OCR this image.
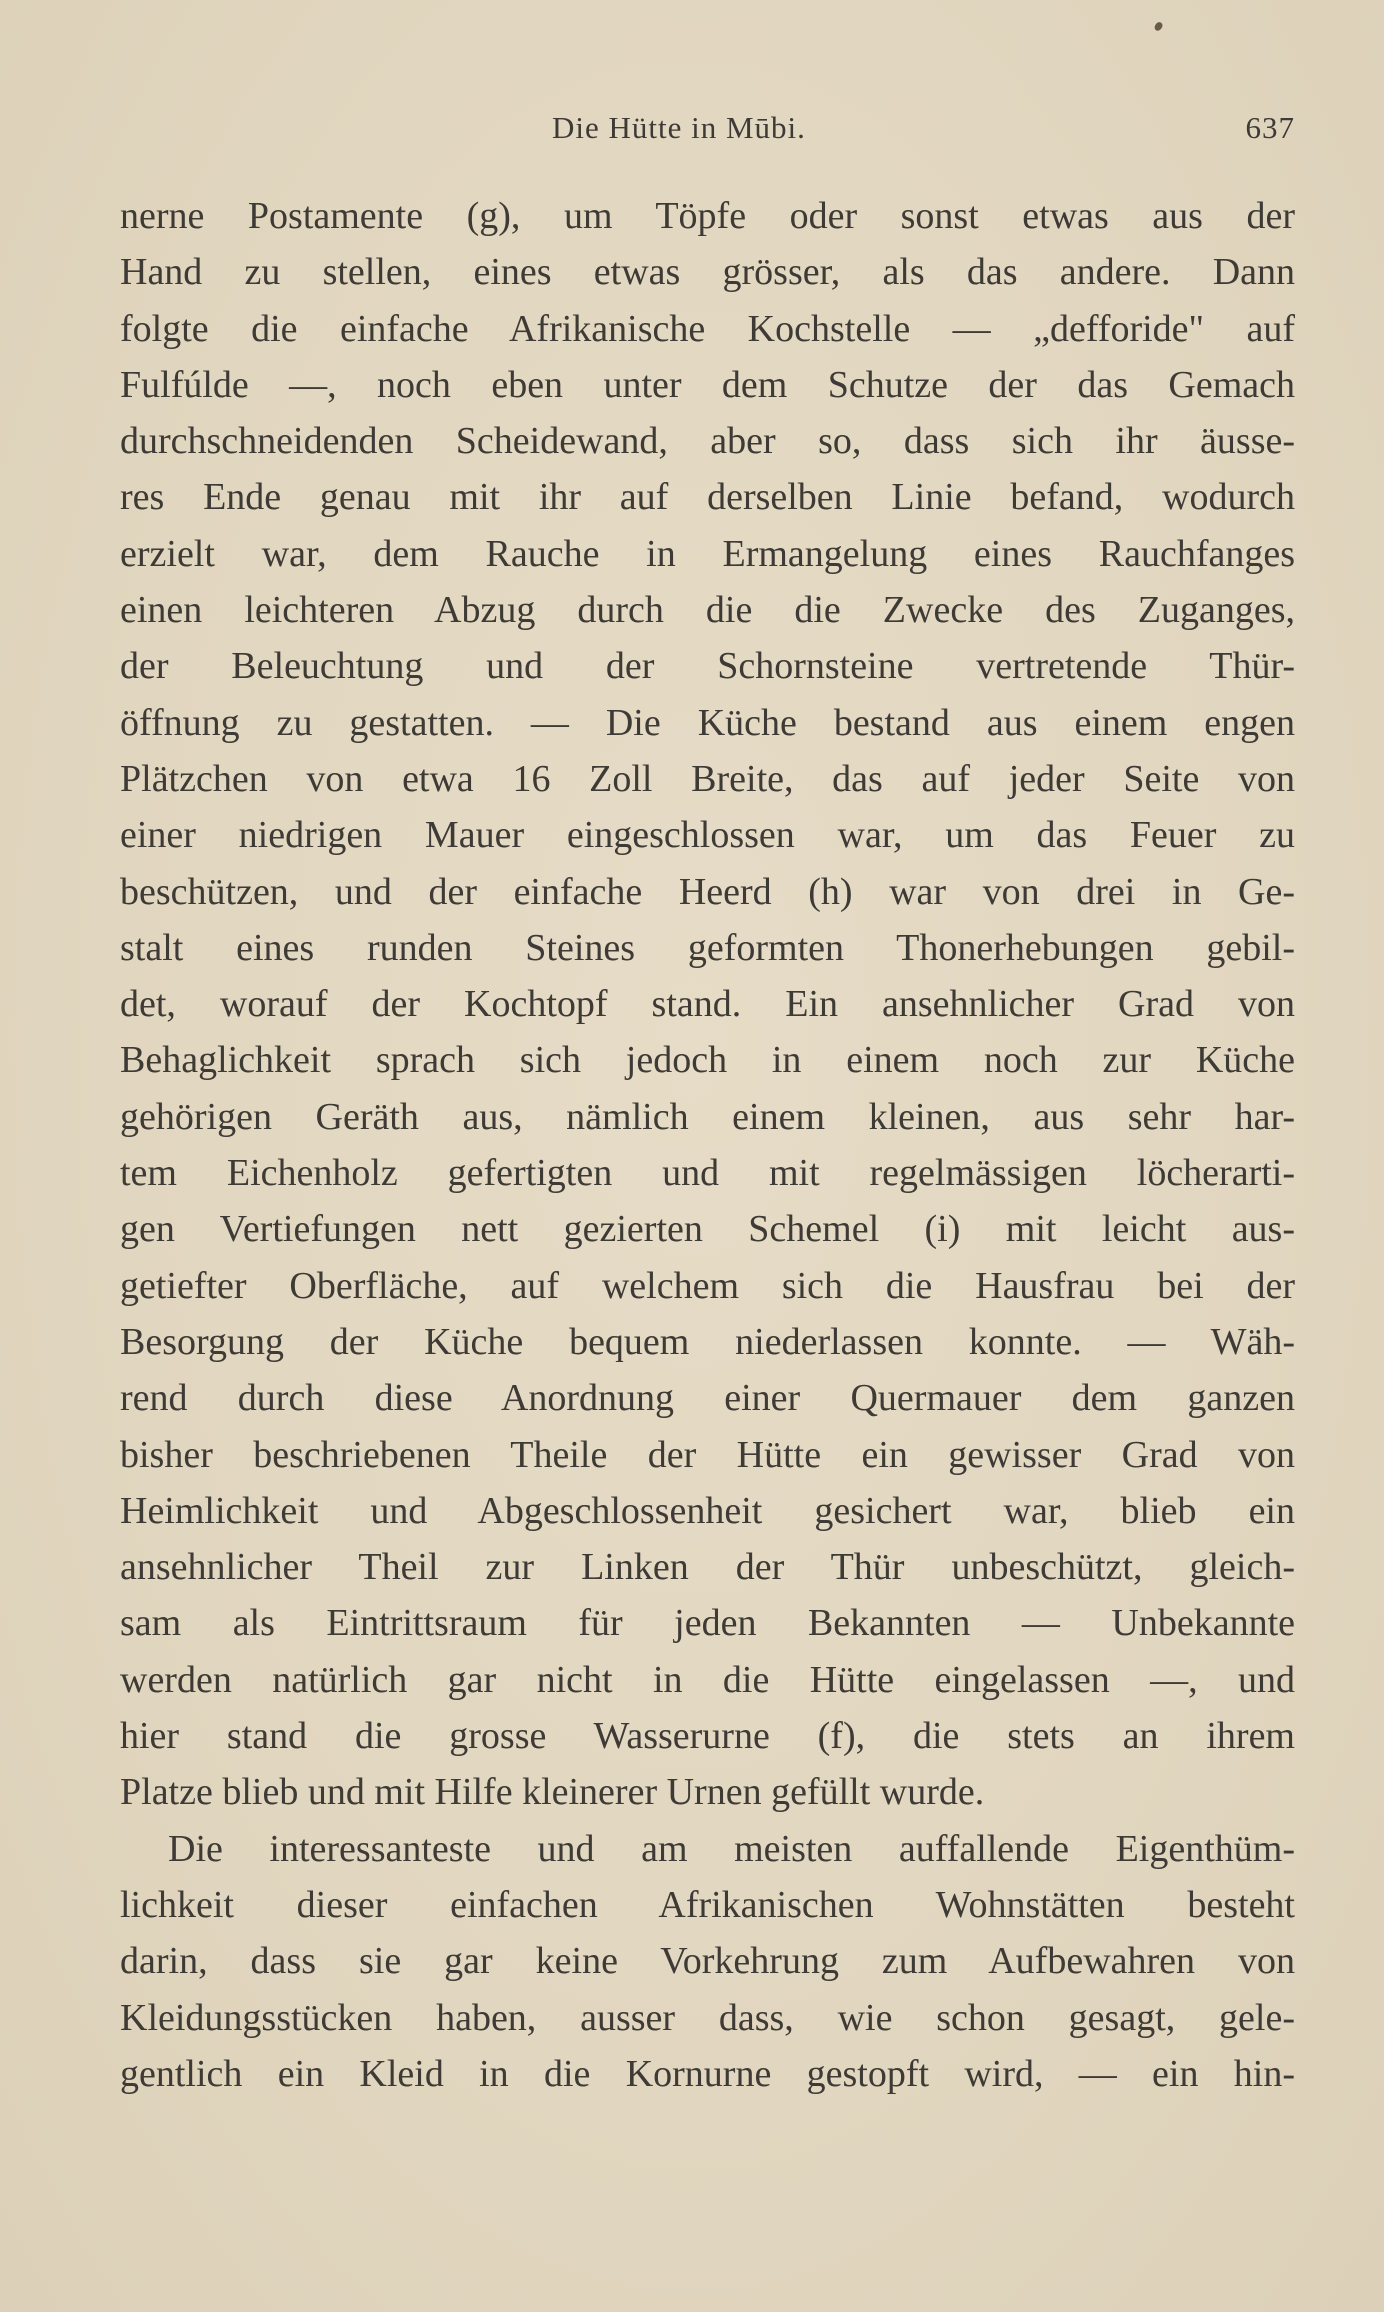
Die Hütte in Mūbi.	637
nerne Postamente (g), um Töpfe oder sonst etwas aus der
Hand zu stellen, eines etwas grösser, als das andere. Dann
folgte die einfache Afrikanische Kochstelle — „defforide" auf
Fulfúlde —, noch eben unter dem Schutze der das Gemach
durchschneidenden Scheidewand, aber so, dass sich ihr äusse-
res Ende genau mit ihr auf derselben Linie befand, wodurch
erzielt war, dem Rauche in Ermangelung eines Rauchfanges
einen leichteren Abzug durch die die Zwecke des Zuganges,
der Beleuchtung und der Schornsteine vertretende Thür-
öffnung zu gestatten. — Die Küche bestand aus einem engen
Plätzchen von etwa 16 Zoll Breite, das auf jeder Seite von
einer niedrigen Mauer eingeschlossen war, um das Feuer zu
beschützen, und der einfache Heerd (h) war von drei in Ge-
stalt eines runden Steines geformten Thonerhebungen gebil-
det, worauf der Kochtopf stand. Ein ansehnlicher Grad von
Behaglichkeit sprach sich jedoch in einem noch zur Küche
gehörigen Geräth aus, nämlich einem kleinen, aus sehr har-
tem Eichenholz gefertigten und mit regelmässigen löcherarti-
gen Vertiefungen nett gezierten Schemel (i) mit leicht aus-
getiefter Oberfläche, auf welchem sich die Hausfrau bei der
Besorgung der Küche bequem niederlassen konnte. — Wäh-
rend durch diese Anordnung einer Quermauer dem ganzen
bisher beschriebenen Theile der Hütte ein gewisser Grad von
Heimlichkeit und Abgeschlossenheit gesichert war, blieb ein
ansehnlicher Theil zur Linken der Thür unbeschützt, gleich-
sam als Eintrittsraum für jeden Bekannten — Unbekannte
werden natürlich gar nicht in die Hütte eingelassen —, und
hier stand die grosse Wasserurne (f), die stets an ihrem
Platze blieb und mit Hilfe kleinerer Urnen gefüllt wurde.
Die interessanteste und am meisten auffallende Eigenthüm-
lichkeit dieser einfachen Afrikanischen Wohnstätten besteht
darin, dass sie gar keine Vorkehrung zum Aufbewahren von
Kleidungsstücken haben, ausser dass, wie schon gesagt, gele-
gentlich ein Kleid in die Kornurne gestopft wird, — ein hin-
